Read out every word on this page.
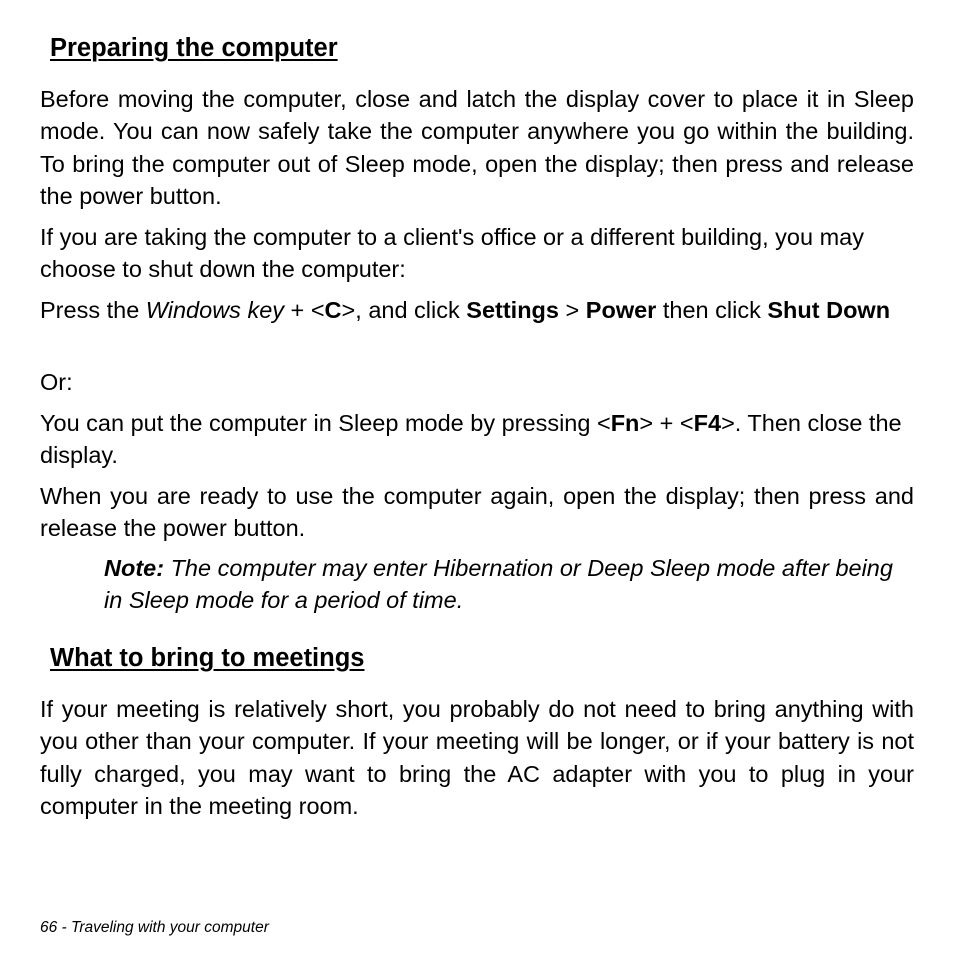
Preparing the computer

Before moving the computer, close and latch the display cover to place it in Sleep mode. You can now safely take the computer anywhere you go within the building. To bring the computer out of Sleep mode, open the display; then press and release the power button.

If you are taking the computer to a client's office or a different building, you may choose to shut down the computer:

Press the Windows key + <C>, and click Settings > Power then click Shut Down

Or:

You can put the computer in Sleep mode by pressing <Fn> + <F4>. Then close the display.

When you are ready to use the computer again, open the display; then press and release the power button.

Note: The computer may enter Hibernation or Deep Sleep mode after being in Sleep mode for a period of time.

What to bring to meetings

If your meeting is relatively short, you probably do not need to bring anything with you other than your computer. If your meeting will be longer, or if your battery is not fully charged, you may want to bring the AC adapter with you to plug in your computer in the meeting room.

66 - Traveling with your computer
